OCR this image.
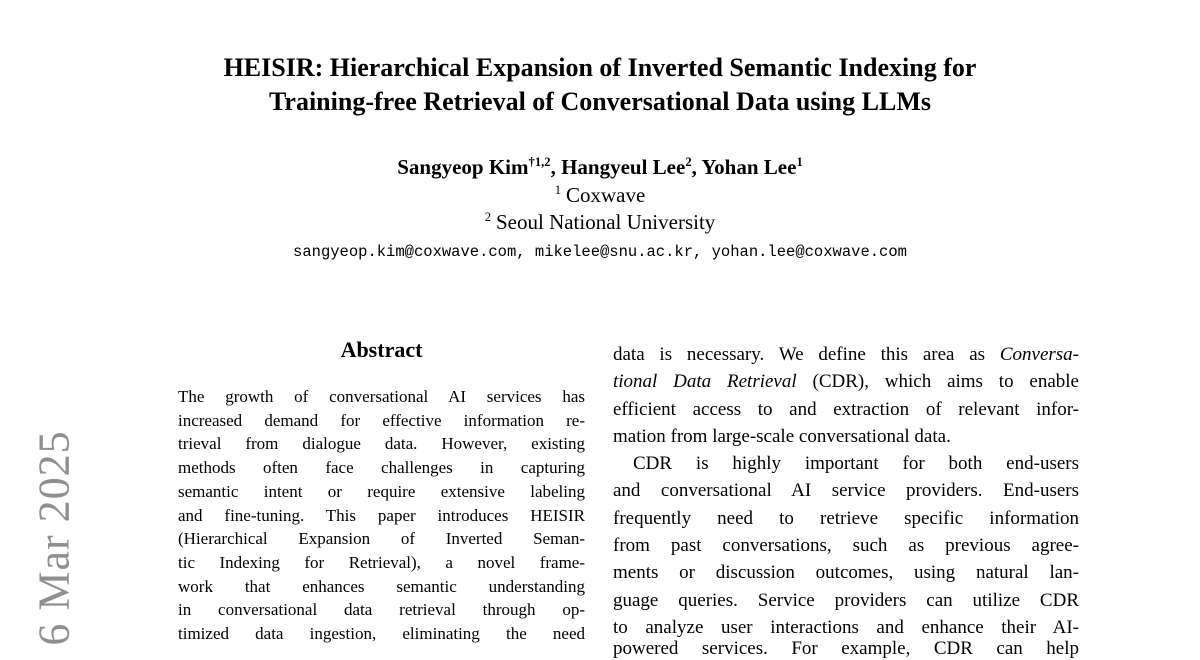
6 Mar 2025
HEISIR: Hierarchical Expansion of Inverted Semantic Indexing for
Training-free Retrieval of Conversational Data using LLMs
Sangyeop Kim$^{\dagger 1,2}$, Hangyeul Lee$^2$, Yohan Lee$^1$
$^1$ Coxwave
$^2$ Seoul National University
sangyeop.kim@coxwave.com, mikelee@snu.ac.kr, yohan.lee@coxwave.com
Abstract
The growth of conversational AI services has
increased demand for effective information re-
trieval from dialogue data. However, existing
methods often face challenges in capturing
semantic intent or require extensive labeling
and fine-tuning. This paper introduces HEISIR
(Hierarchical Expansion of Inverted Seman-
tic Indexing for Retrieval), a novel frame-
work that enhances semantic understanding
in conversational data retrieval through op-
timized data ingestion, eliminating the need
data is necessary. We define this area as Conversa-
tional Data Retrieval (CDR), which aims to enable
efficient access to and extraction of relevant infor-
mation from large-scale conversational data.
CDR is highly important for both end-users
and conversational AI service providers. End-users
frequently need to retrieve specific information
from past conversations, such as previous agree-
ments or discussion outcomes, using natural lan-
guage queries. Service providers can utilize CDR
to analyze user interactions and enhance their AI-
powered services. For example, CDR can help
